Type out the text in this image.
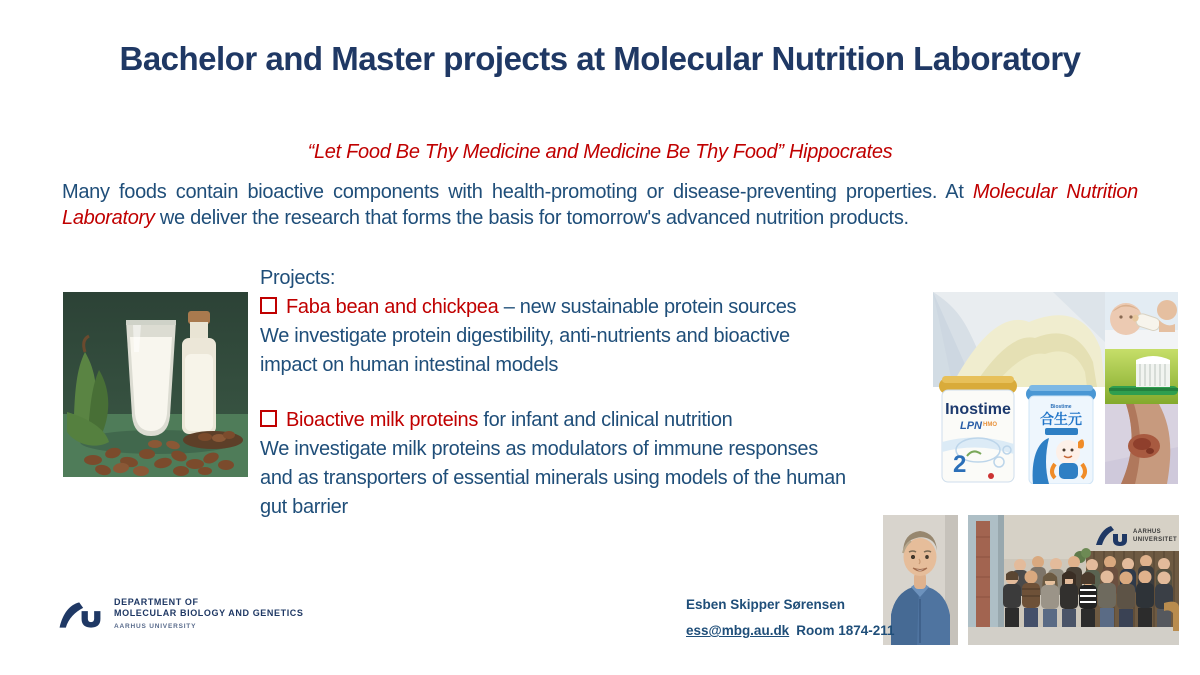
Bachelor and Master projects at Molecular Nutrition Laboratory
“Let Food Be Thy Medicine and Medicine Be Thy Food” Hippocrates

Many foods contain bioactive components with health-promoting or disease-preventing properties. At Molecular Nutrition Laboratory we deliver the research that forms the basis for tomorrow's advanced nutrition products.

Projects:
Faba bean and chickpea – new sustainable protein sources
We investigate protein digestibility, anti-nutrients and bioactive
impact on human intestinal models
Bioactive milk proteins for infant and clinical nutrition
We investigate milk proteins as modulators of immune responses
and as transporters of essential minerals using models of the human
gut barrier
Inostime
LPN HMO
2
Biostime
合生元
AARHUS
UNIVERSITET
Esben Skipper Sørensen
ess@mbg.au.dk Room 1874-211
DEPARTMENT OF
MOLECULAR BIOLOGY AND GENETICS
AARHUS UNIVERSITY
